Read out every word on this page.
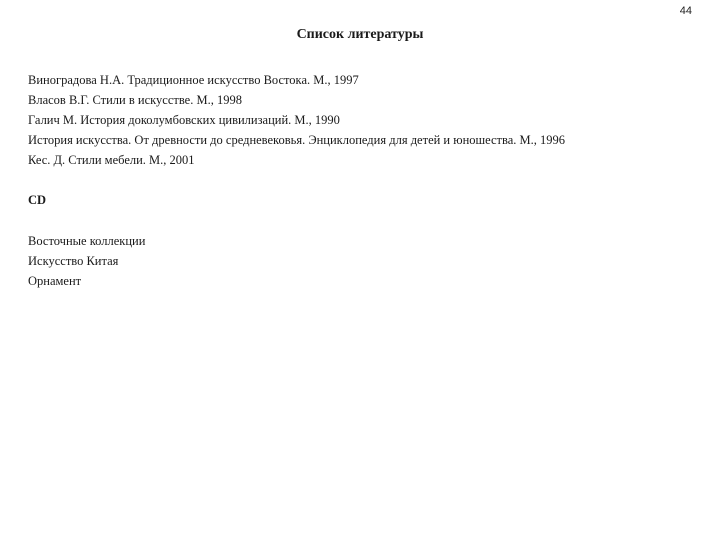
44
Список литературы
Виноградова Н.А. Традиционное искусство Востока. М., 1997
Власов В.Г. Стили в искусстве. М., 1998
Галич М. История доколумбовских цивилизаций. М., 1990
История искусства. От древности до средневековья. Энциклопедия для детей и юношества. М., 1996
Кес. Д. Стили мебели. М., 2001
CD
Восточные коллекции
Искусство Китая
Орнамент
